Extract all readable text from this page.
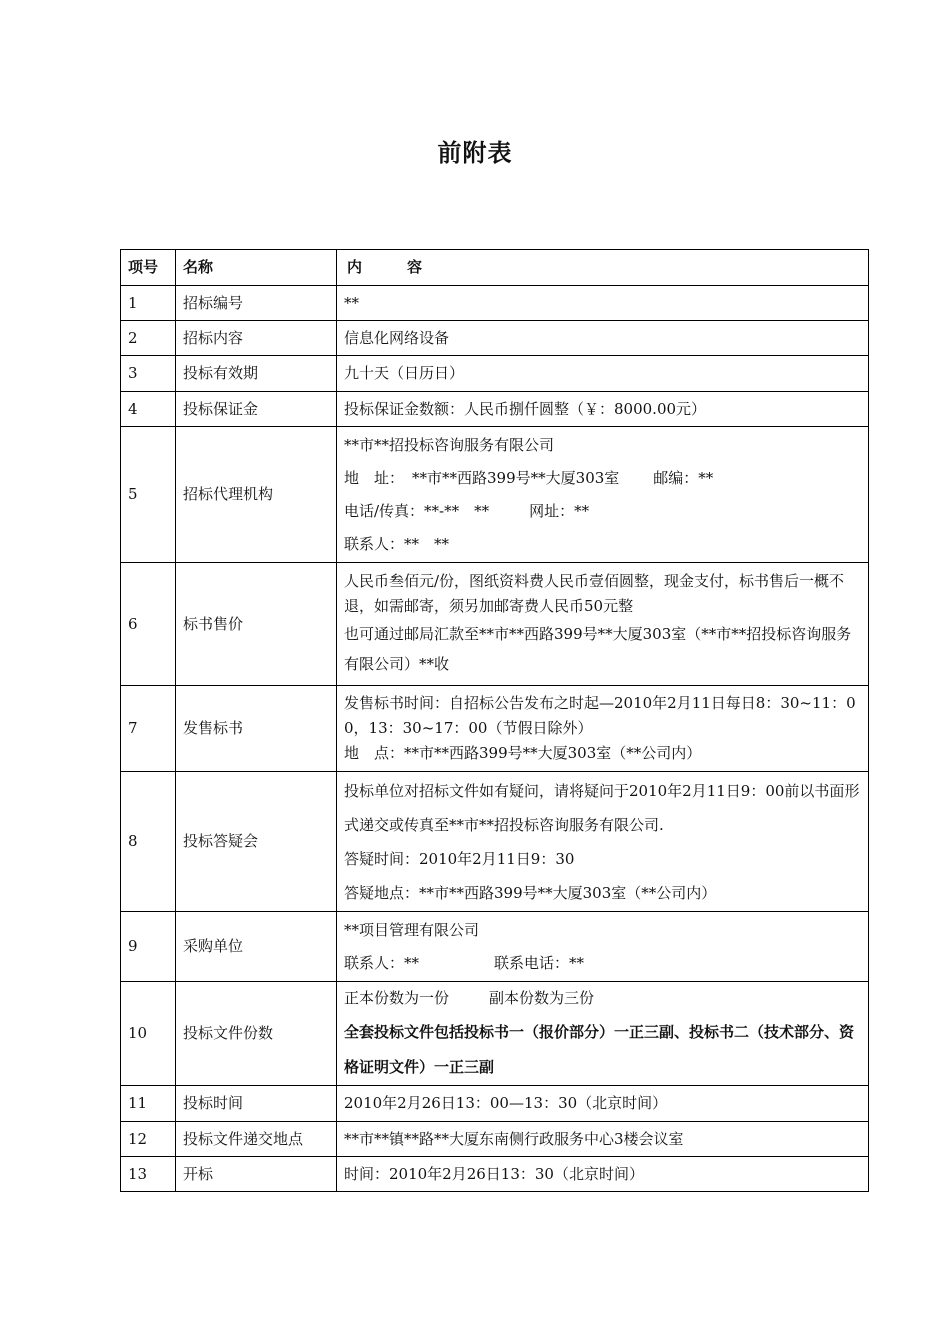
前附表
项号	名称	内　　　容
1	招标编号	**
2	招标内容	信息化网络设备
3	投标有效期	九十天（日历日）
4	投标保证金	投标保证金数额：人民币捌仟圆整（￥：8000.00元）
5	招标代理机构	**市**招投标咨询服务有限公司

地　址： **市**西路399号**大厦303室 邮编：**

电话/传真：**-**　** 网址：**

联系人：**　**

6	标书售价	人民币叁佰元/份，图纸资料费人民币壹佰圆整，现金支付，标书售后一概不退，如需邮寄，须另加邮寄费人民币50元整

也可通过邮局汇款至**市**西路399号**大厦303室（**市**招投标咨询服务有限公司）**收

7	发售标书	发售标书时间：自招标公告发布之时起—2010年2月11日每日8：30~11：00，13：30~17：00（节假日除外）

地　点：**市**西路399号**大厦303室（**公司内）

8	投标答疑会	投标单位对招标文件如有疑问，请将疑问于2010年2月11日9：00前以书面形式递交或传真至**市**招投标咨询服务有限公司.

答疑时间：2010年2月11日9：30

答疑地点：**市**西路399号**大厦303室（**公司内）

9	采购单位	**项目管理有限公司

联系人：** 联系电话：**

10	投标文件份数	正本份数为一份 副本份数为三份

全套投标文件包括投标书一（报价部分）一正三副、投标书二（技术部分、资格证明文件）一正三副

11	投标时间	2010年2月26日13：00—13：30（北京时间）
12	投标文件递交地点	**市**镇**路**大厦东南侧行政服务中心3楼会议室
13	开标	时间：2010年2月26日13：30（北京时间）
